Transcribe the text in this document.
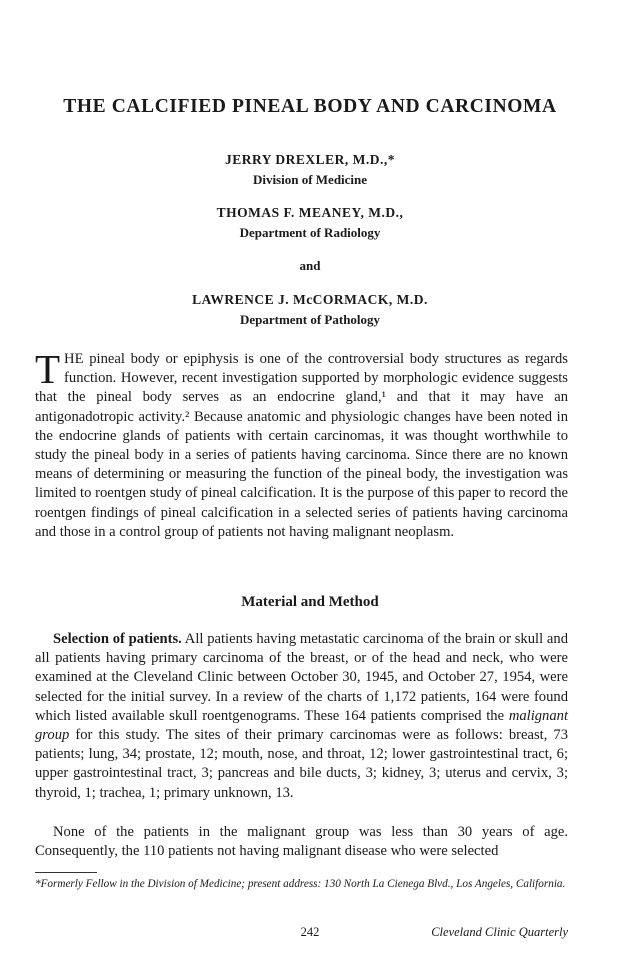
THE CALCIFIED PINEAL BODY AND CARCINOMA
JERRY DREXLER, M.D.,*
Division of Medicine
THOMAS F. MEANEY, M.D.,
Department of Radiology
and
LAWRENCE J. McCORMACK, M.D.
Department of Pathology
THE pineal body or epiphysis is one of the controversial body structures as regards function. However, recent investigation supported by morphologic evidence suggests that the pineal body serves as an endocrine gland,¹ and that it may have an antigonadotropic activity.² Because anatomic and physiologic changes have been noted in the endocrine glands of patients with certain carcinomas, it was thought worthwhile to study the pineal body in a series of patients having carcinoma. Since there are no known means of determining or measuring the function of the pineal body, the investigation was limited to roentgen study of pineal calcification. It is the purpose of this paper to record the roentgen findings of pineal calcification in a selected series of patients having carcinoma and those in a control group of patients not having malignant neoplasm.
Material and Method

Selection of patients. All patients having metastatic carcinoma of the brain or skull and all patients having primary carcinoma of the breast, or of the head and neck, who were examined at the Cleveland Clinic between October 30, 1945, and October 27, 1954, were selected for the initial survey. In a review of the charts of 1,172 patients, 164 were found which listed available skull roentgenograms. These 164 patients comprised the malignant group for this study. The sites of their primary carcinomas were as follows: breast, 73 patients; lung, 34; prostate, 12; mouth, nose, and throat, 12; lower gastrointestinal tract, 6; upper gastrointestinal tract, 3; pancreas and bile ducts, 3; kidney, 3; uterus and cervix, 3; thyroid, 1; trachea, 1; primary unknown, 13.

None of the patients in the malignant group was less than 30 years of age. Consequently, the 110 patients not having malignant disease who were selected

*Formerly Fellow in the Division of Medicine; present address: 130 North La Cienega Blvd., Los Angeles, California.

242	Cleveland Clinic Quarterly
